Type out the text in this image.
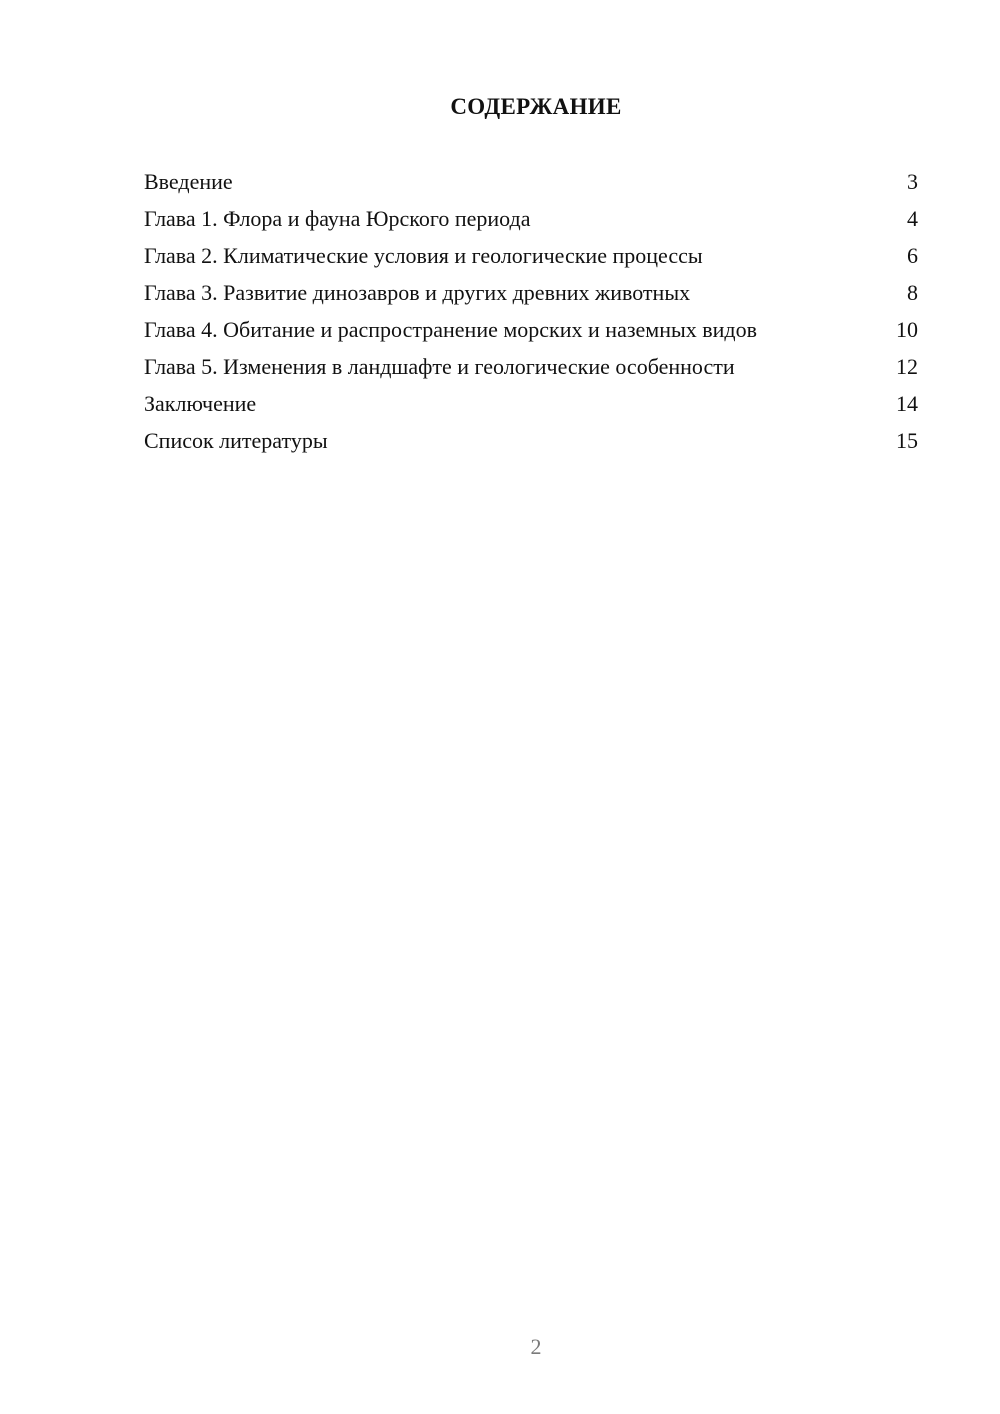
СОДЕРЖАНИЕ
Введение	3
Глава 1. Флора и фауна Юрского периода	4
Глава 2. Климатические условия и геологические процессы	6
Глава 3. Развитие динозавров и других древних животных	8
Глава 4. Обитание и распространение морских и наземных видов	10
Глава 5. Изменения в ландшафте и геологические особенности	12
Заключение	14
Список литературы	15
2
